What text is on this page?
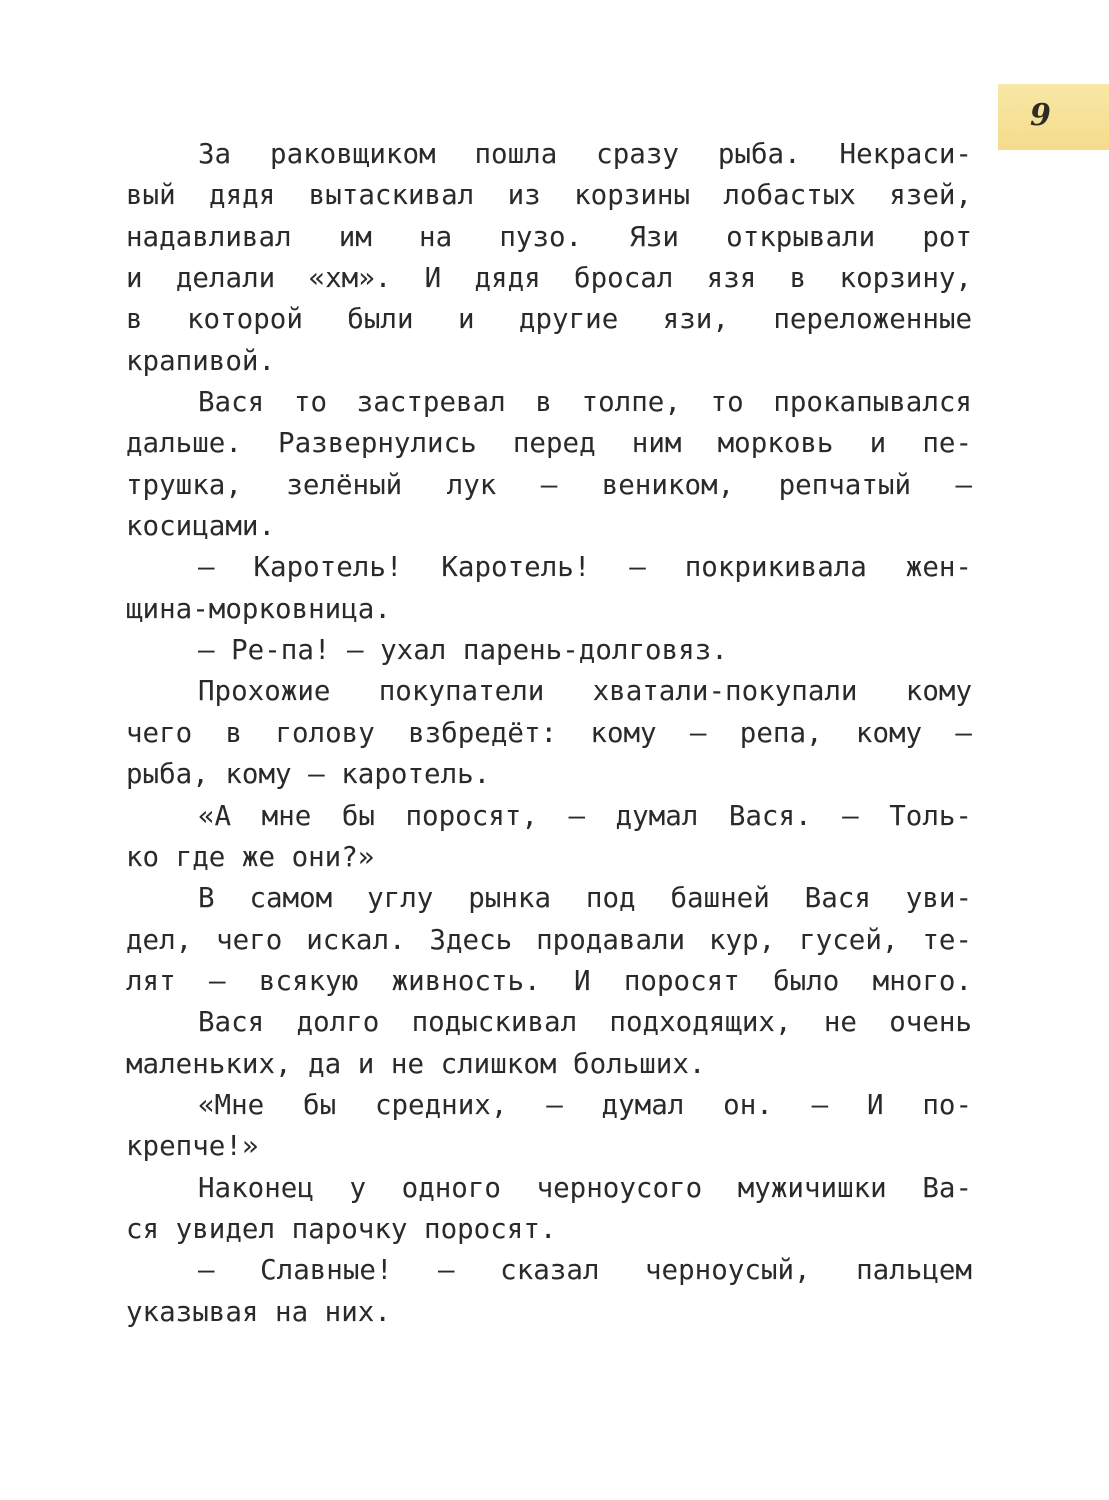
9
За раковщиком пошла сразу рыба. Некраси-
вый дядя вытаскивал из корзины лобастых язей,
надавливал им на пузо. Язи открывали рот
и делали «хм». И дядя бросал язя в корзину,
в которой были и другие язи, переложенные
крапивой.
Вася то застревал в толпе, то прокапывался
дальше. Развернулись перед ним морковь и пе-
трушка, зелёный лук — веником, репчатый —
косицами.
— Каротель! Каротель! — покрикивала жен-
щина-морковница.
— Ре-па! — ухал парень-долговяз.
Прохожие покупатели хватали-покупали кому
чего в голову взбредёт: кому — репа, кому —
рыба, кому — каротель.
«А мне бы поросят, — думал Вася. — Толь-
ко где же они?»
В самом углу рынка под башней Вася уви-
дел, чего искал. Здесь продавали кур, гусей, те-
лят — всякую живность. И поросят было много.
Вася долго подыскивал подходящих, не очень
маленьких, да и не слишком больших.
«Мне бы средних, — думал он. — И по-
крепче!»
Наконец у одного черноусого мужичишки Ва-
ся увидел парочку поросят.
— Славные! — сказал черноусый, пальцем
указывая на них.
